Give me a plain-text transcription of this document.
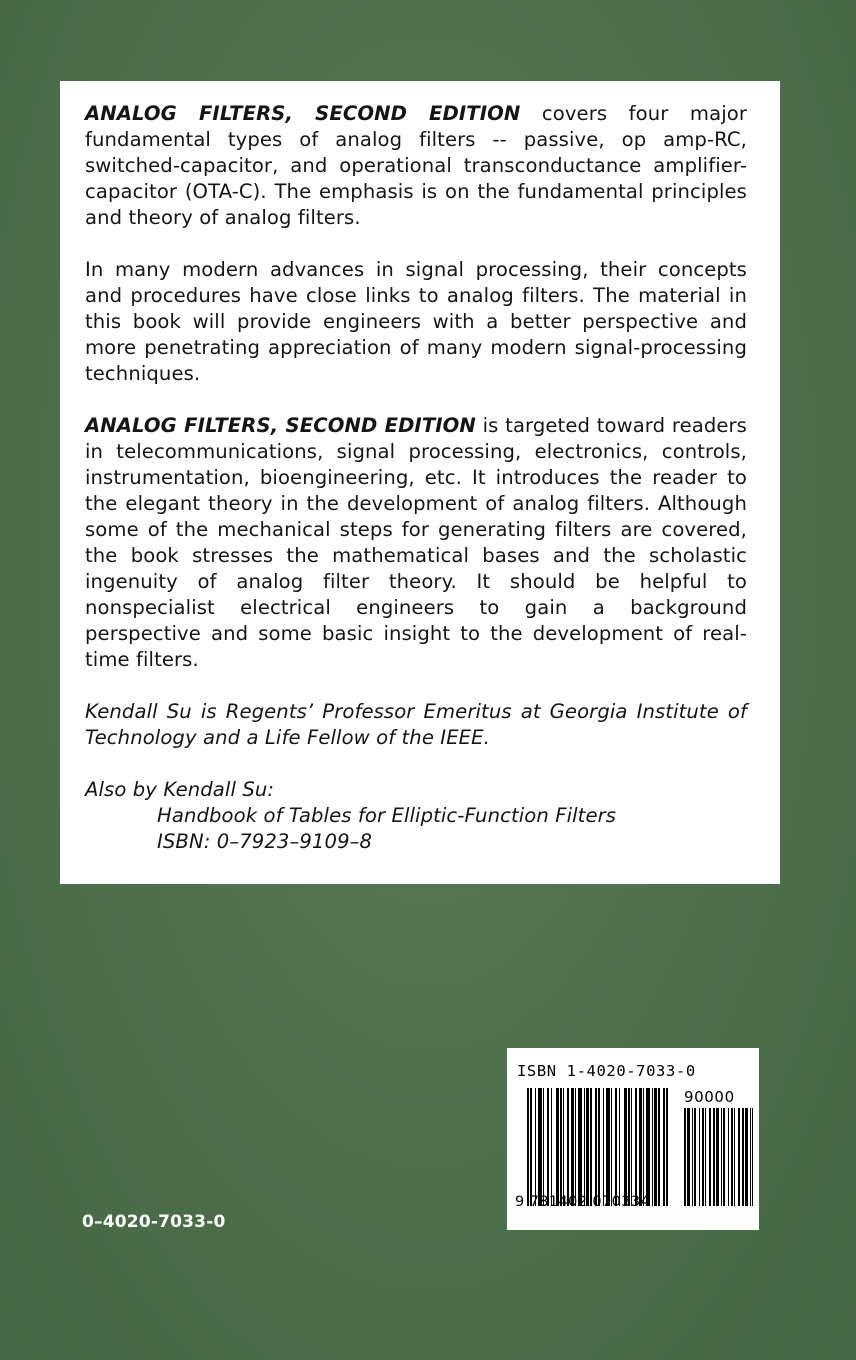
ANALOG FILTERS, SECOND EDITION covers four major fundamental types of analog filters -- passive, op amp-RC, switched-capacitor, and operational transconductance amplifier-capacitor (OTA-C). The emphasis is on the fundamental principles and theory of analog filters.

In many modern advances in signal processing, their concepts and procedures have close links to analog filters. The material in this book will provide engineers with a better perspective and more penetrating appreciation of many modern signal-processing techniques.

ANALOG FILTERS, SECOND EDITION is targeted toward readers in telecommunications, signal processing, electronics, controls, instrumentation, bioengineering, etc. It introduces the reader to the elegant theory in the development of analog filters. Although some of the mechanical steps for generating filters are covered, the book stresses the mathematical bases and the scholastic ingenuity of analog filter theory. It should be helpful to nonspecialist electrical engineers to gain a background perspective and some basic insight to the development of real-time filters.

Kendall Su is Regents’ Professor Emeritus at Georgia Institute of Technology and a Life Fellow of the IEEE.

Also by Kendall Su:
Handbook of Tables for Elliptic-Function Filters
ISBN: 0–7923–9109–8
0–4020-7033-0
ISBN 1-4020-7033-0
90000
9 781402 070334
